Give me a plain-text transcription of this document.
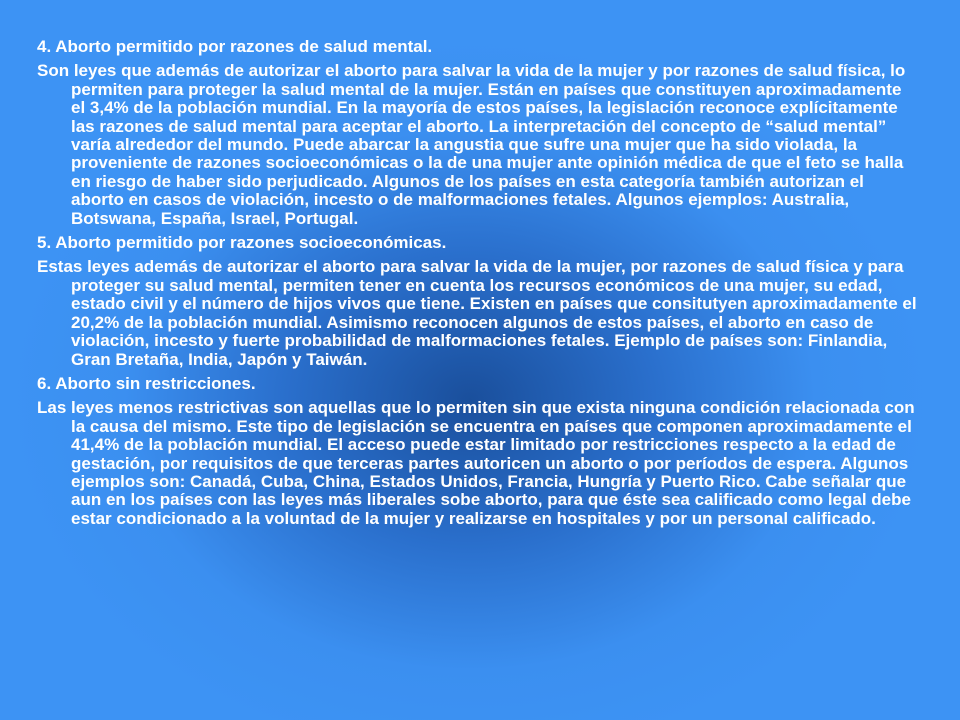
4. Aborto permitido por razones de salud mental.

Son leyes que además de autorizar el aborto para salvar la vida de la mujer y por razones de salud física, lo permiten para proteger la salud mental de la mujer. Están en países que constituyen aproximadamente el 3,4% de la población mundial. En la mayoría de estos países, la legislación reconoce explícitamente las razones de salud mental para aceptar el aborto. La interpretación del concepto de “salud mental” varía alrededor del mundo. Puede abarcar la angustia que sufre una mujer que ha sido violada, la proveniente de razones socioeconómicas o la de una mujer ante opinión médica de que el feto se halla en riesgo de haber sido perjudicado. Algunos de los países en esta categoría también autorizan el aborto en casos de violación, incesto o de malformaciones fetales. Algunos ejemplos: Australia, Botswana, España, Israel, Portugal.

5. Aborto permitido por razones socioeconómicas.

Estas leyes además de autorizar el aborto para salvar la vida de la mujer, por razones de salud física y para proteger su salud mental, permiten tener en cuenta los recursos económicos de una mujer, su edad, estado civil y el número de hijos vivos que tiene. Existen en países que consitutyen aproximadamente el 20,2% de la población mundial. Asimismo reconocen algunos de estos países, el aborto en caso de violación, incesto y fuerte probabilidad de malformaciones fetales. Ejemplo de países son: Finlandia, Gran Bretaña, India, Japón y Taiwán.

6. Aborto sin restricciones.

Las leyes menos restrictivas son aquellas que lo permiten sin que exista ninguna condición relacionada con la causa del mismo. Este tipo de legislación se encuentra en países que componen aproximadamente el 41,4% de la población mundial. El acceso puede estar limitado por restricciones respecto a la edad de gestación, por requisitos de que terceras partes autoricen un aborto o por períodos de espera. Algunos ejemplos son: Canadá, Cuba, China, Estados Unidos, Francia, Hungría y Puerto Rico. Cabe señalar que aun en los países con las leyes más liberales sobe aborto, para que éste sea calificado como legal debe estar condicionado a la voluntad de la mujer y realizarse en hospitales y por un personal calificado.
